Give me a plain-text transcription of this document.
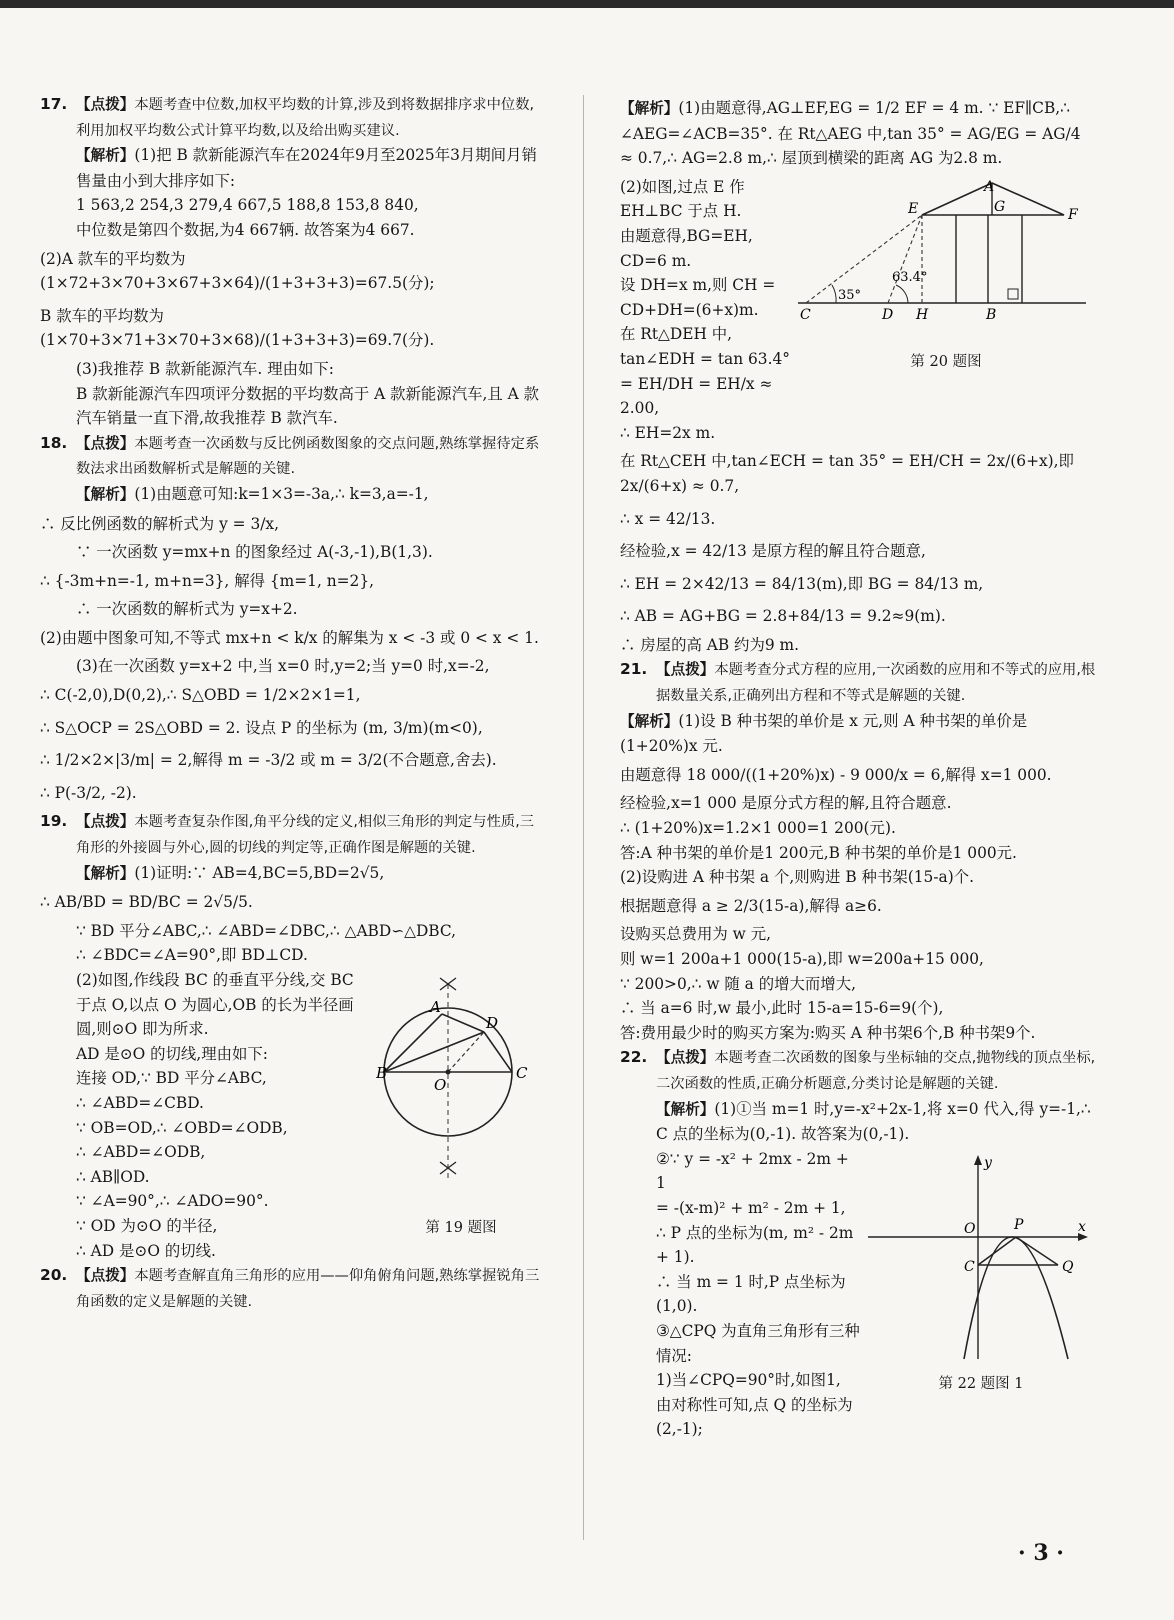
17. 【点拨】本题考查中位数,加权平均数的计算,涉及到将数据排序求中位数,利用加权平均数公式计算平均数,以及给出购买建议.

【解析】(1)把 B 款新能源汽车在2024年9月至2025年3月期间月销售量由小到大排序如下:

1 563,2 254,3 279,4 667,5 188,8 153,8 840,

中位数是第四个数据,为4 667辆. 故答案为4 667.

(2)A 款车的平均数为(1×72+3×70+3×67+3×64)/(1+3+3+3)=67.5(分);

B 款车的平均数为(1×70+3×71+3×70+3×68)/(1+3+3+3)=69.7(分).

(3)我推荐 B 款新能源汽车. 理由如下:

B 款新能源汽车四项评分数据的平均数高于 A 款新能源汽车,且 A 款汽车销量一直下滑,故我推荐 B 款汽车.

18. 【点拨】本题考查一次函数与反比例函数图象的交点问题,熟练掌握待定系数法求出函数解析式是解题的关键.

【解析】(1)由题意可知:k=1×3=-3a,∴ k=3,a=-1,

∴ 反比例函数的解析式为 y = 3/x,

∵ 一次函数 y=mx+n 的图象经过 A(-3,-1),B(1,3).

∴ {-3m+n=-1, m+n=3}, 解得 {m=1, n=2},

∴ 一次函数的解析式为 y=x+2.

(2)由题中图象可知,不等式 mx+n < k/x 的解集为 x < -3 或 0 < x < 1.

(3)在一次函数 y=x+2 中,当 x=0 时,y=2;当 y=0 时,x=-2,

∴ C(-2,0),D(0,2),∴ S△OBD = 1/2×2×1=1,

∴ S△OCP = 2S△OBD = 2. 设点 P 的坐标为 (m, 3/m)(m<0),

∴ 1/2×2×|3/m| = 2,解得 m = -3/2 或 m = 3/2(不合题意,舍去).

∴ P(-3/2, -2).

19. 【点拨】本题考查复杂作图,角平分线的定义,相似三角形的判定与性质,三角形的外接圆与外心,圆的切线的判定等,正确作图是解题的关键.

【解析】(1)证明:∵ AB=4,BC=5,BD=2√5,

∴ AB/BD = BD/BC = 2√5/5.

∵ BD 平分∠ABC,∴ ∠ABD=∠DBC,∴ △ABD∽△DBC,

∴ ∠BDC=∠A=90°,即 BD⊥CD.

A
D
B	C
O
第 19 题图

(2)如图,作线段 BC 的垂直平分线,交 BC 于点 O,以点 O 为圆心,OB 的长为半径画圆,则⊙O 即为所求.

AD 是⊙O 的切线,理由如下:

连接 OD,∵ BD 平分∠ABC,

∴ ∠ABD=∠CBD.

∵ OB=OD,∴ ∠OBD=∠ODB,

∴ ∠ABD=∠ODB,

∴ AB∥OD.

∵ ∠A=90°,∴ ∠ADO=90°.

∵ OD 为⊙O 的半径,

∴ AD 是⊙O 的切线.

20. 【点拨】本题考查解直角三角形的应用——仰角俯角问题,熟练掌握锐角三角函数的定义是解题的关键.

【解析】(1)由题意得,AG⊥EF,EG = 1/2 EF = 4 m. ∵ EF∥CB,∴ ∠AEG=∠ACB=35°. 在 Rt△AEG 中,tan 35° = AG/EG = AG/4 ≈ 0.7,∴ AG=2.8 m,∴ 屋顶到横梁的距离 AG 为2.8 m.

A
E	G	F
C	D H	B
35°
63.4°
第 20 题图

(2)如图,过点 E 作 EH⊥BC 于点 H.

由题意得,BG=EH,

CD=6 m.

设 DH=x m,则 CH =

CD+DH=(6+x)m.

在 Rt△DEH 中,

tan∠EDH = tan 63.4°

= EH/DH = EH/x ≈ 2.00,

∴ EH=2x m.

在 Rt△CEH 中,tan∠ECH = tan 35° = EH/CH = 2x/(6+x),即 2x/(6+x) ≈ 0.7,

∴ x = 42/13.

经检验,x = 42/13 是原方程的解且符合题意,

∴ EH = 2×42/13 = 84/13(m),即 BG = 84/13 m,

∴ AB = AG+BG = 2.8+84/13 = 9.2≈9(m).

∴ 房屋的高 AB 约为9 m.

21. 【点拨】本题考查分式方程的应用,一次函数的应用和不等式的应用,根据数量关系,正确列出方程和不等式是解题的关键.

【解析】(1)设 B 种书架的单价是 x 元,则 A 种书架的单价是(1+20%)x 元.

由题意得 18 000/((1+20%)x) - 9 000/x = 6,解得 x=1 000.

经检验,x=1 000 是原分式方程的解,且符合题意.

∴ (1+20%)x=1.2×1 000=1 200(元).

答:A 种书架的单价是1 200元,B 种书架的单价是1 000元.

(2)设购进 A 种书架 a 个,则购进 B 种书架(15-a)个.

根据题意得 a ≥ 2/3(15-a),解得 a≥6.

设购买总费用为 w 元,

则 w=1 200a+1 000(15-a),即 w=200a+15 000,

∵ 200>0,∴ w 随 a 的增大而增大,

∴ 当 a=6 时,w 最小,此时 15-a=15-6=9(个),

答:费用最少时的购买方案为:购买 A 种书架6个,B 种书架9个.

22. 【点拨】本题考查二次函数的图象与坐标轴的交点,抛物线的顶点坐标,二次函数的性质,正确分析题意,分类讨论是解题的关键.

【解析】(1)①当 m=1 时,y=-x²+2x-1,将 x=0 代入,得 y=-1,∴ C 点的坐标为(0,-1). 故答案为(0,-1).

y
x
O	P
C	Q
第 22 题图 1

②∵ y = -x² + 2mx - 2m + 1

= -(x-m)² + m² - 2m + 1,

∴ P 点的坐标为(m, m² - 2m + 1).

∴ 当 m = 1 时,P 点坐标为(1,0).

③△CPQ 为直角三角形有三种情况:

1)当∠CPQ=90°时,如图1,

由对称性可知,点 Q 的坐标为(2,-1);

· 3 ·
